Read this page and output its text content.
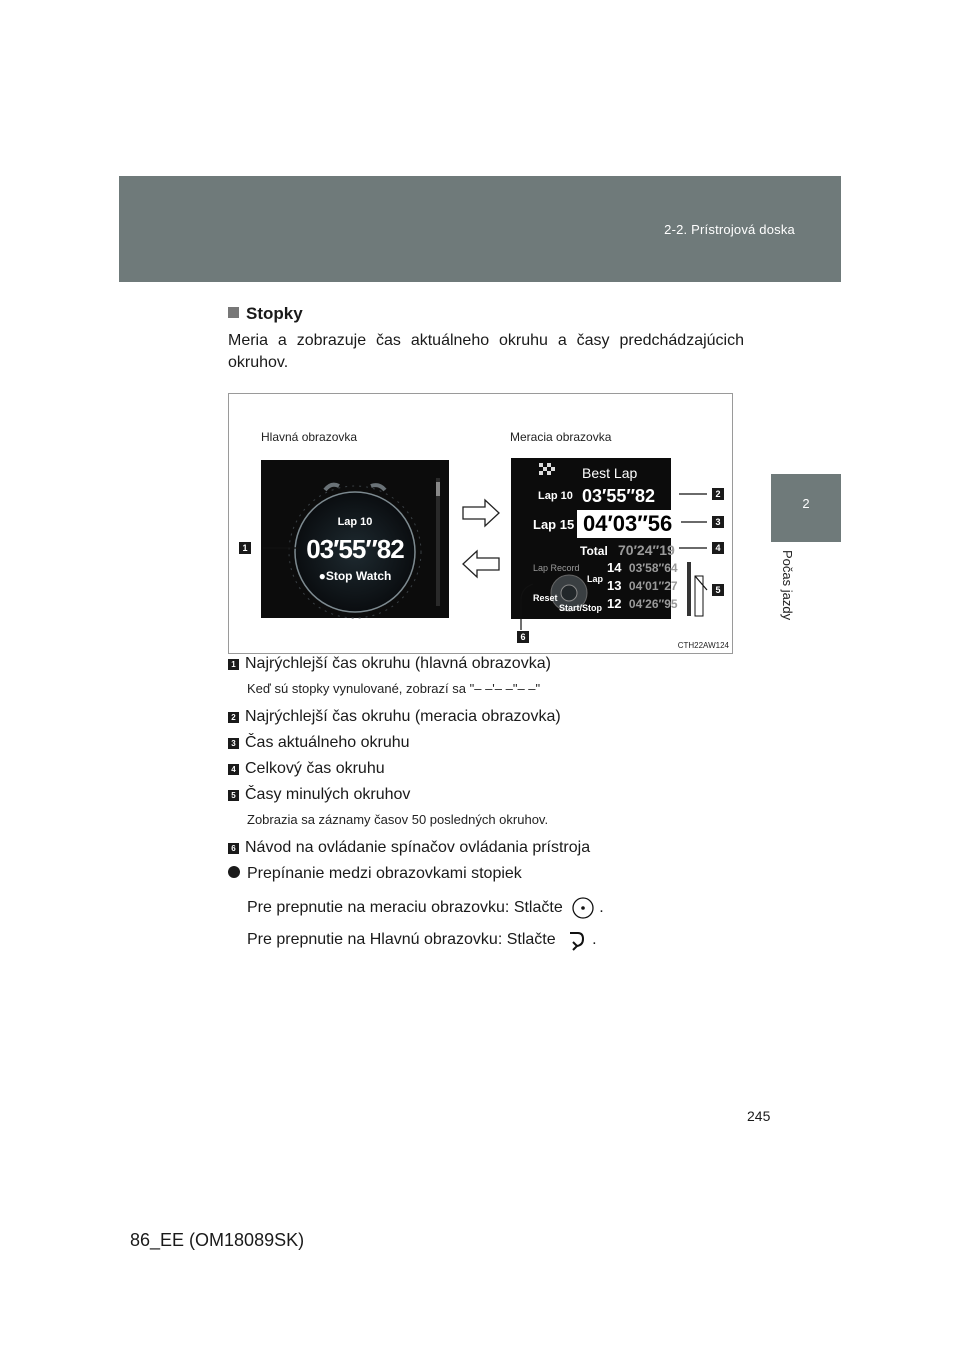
2-2. Prístrojová doska
2
Počas jazdy
Stopky
Meria a zobrazuje čas aktuálneho okruhu a časy predchádzajúcich okruhov.
Hlavná obrazovka	Meracia obrazovka
Lap 10
03′55″82
●Stop Watch
Best Lap
Lap 10 03′55″82
Lap 15 04′03″56
Total 70′24″19
Lap Record
Reset
Lap
Start/Stop
14 03′58″64
13 04′01″27
12 04′26″95
1
2
3
4
5
6
CTH22AW124
1 Najrýchlejší čas okruhu (hlavná obrazovka)
Keď sú stopky vynulované, zobrazí sa "– –'– –"– –"
2 Najrýchlejší čas okruhu (meracia obrazovka)
3 Čas aktuálneho okruhu
4 Celkový čas okruhu
5 Časy minulých okruhov
Zobrazia sa záznamy časov 50 posledných okruhov.
6 Návod na ovládanie spínačov ovládania prístroja
Prepínanie medzi obrazovkami stopiek
Pre prepnutie na meraciu obrazovku: Stlačte .
Pre prepnutie na Hlavnú obrazovku: Stlačte .
245
86_EE (OM18089SK)
